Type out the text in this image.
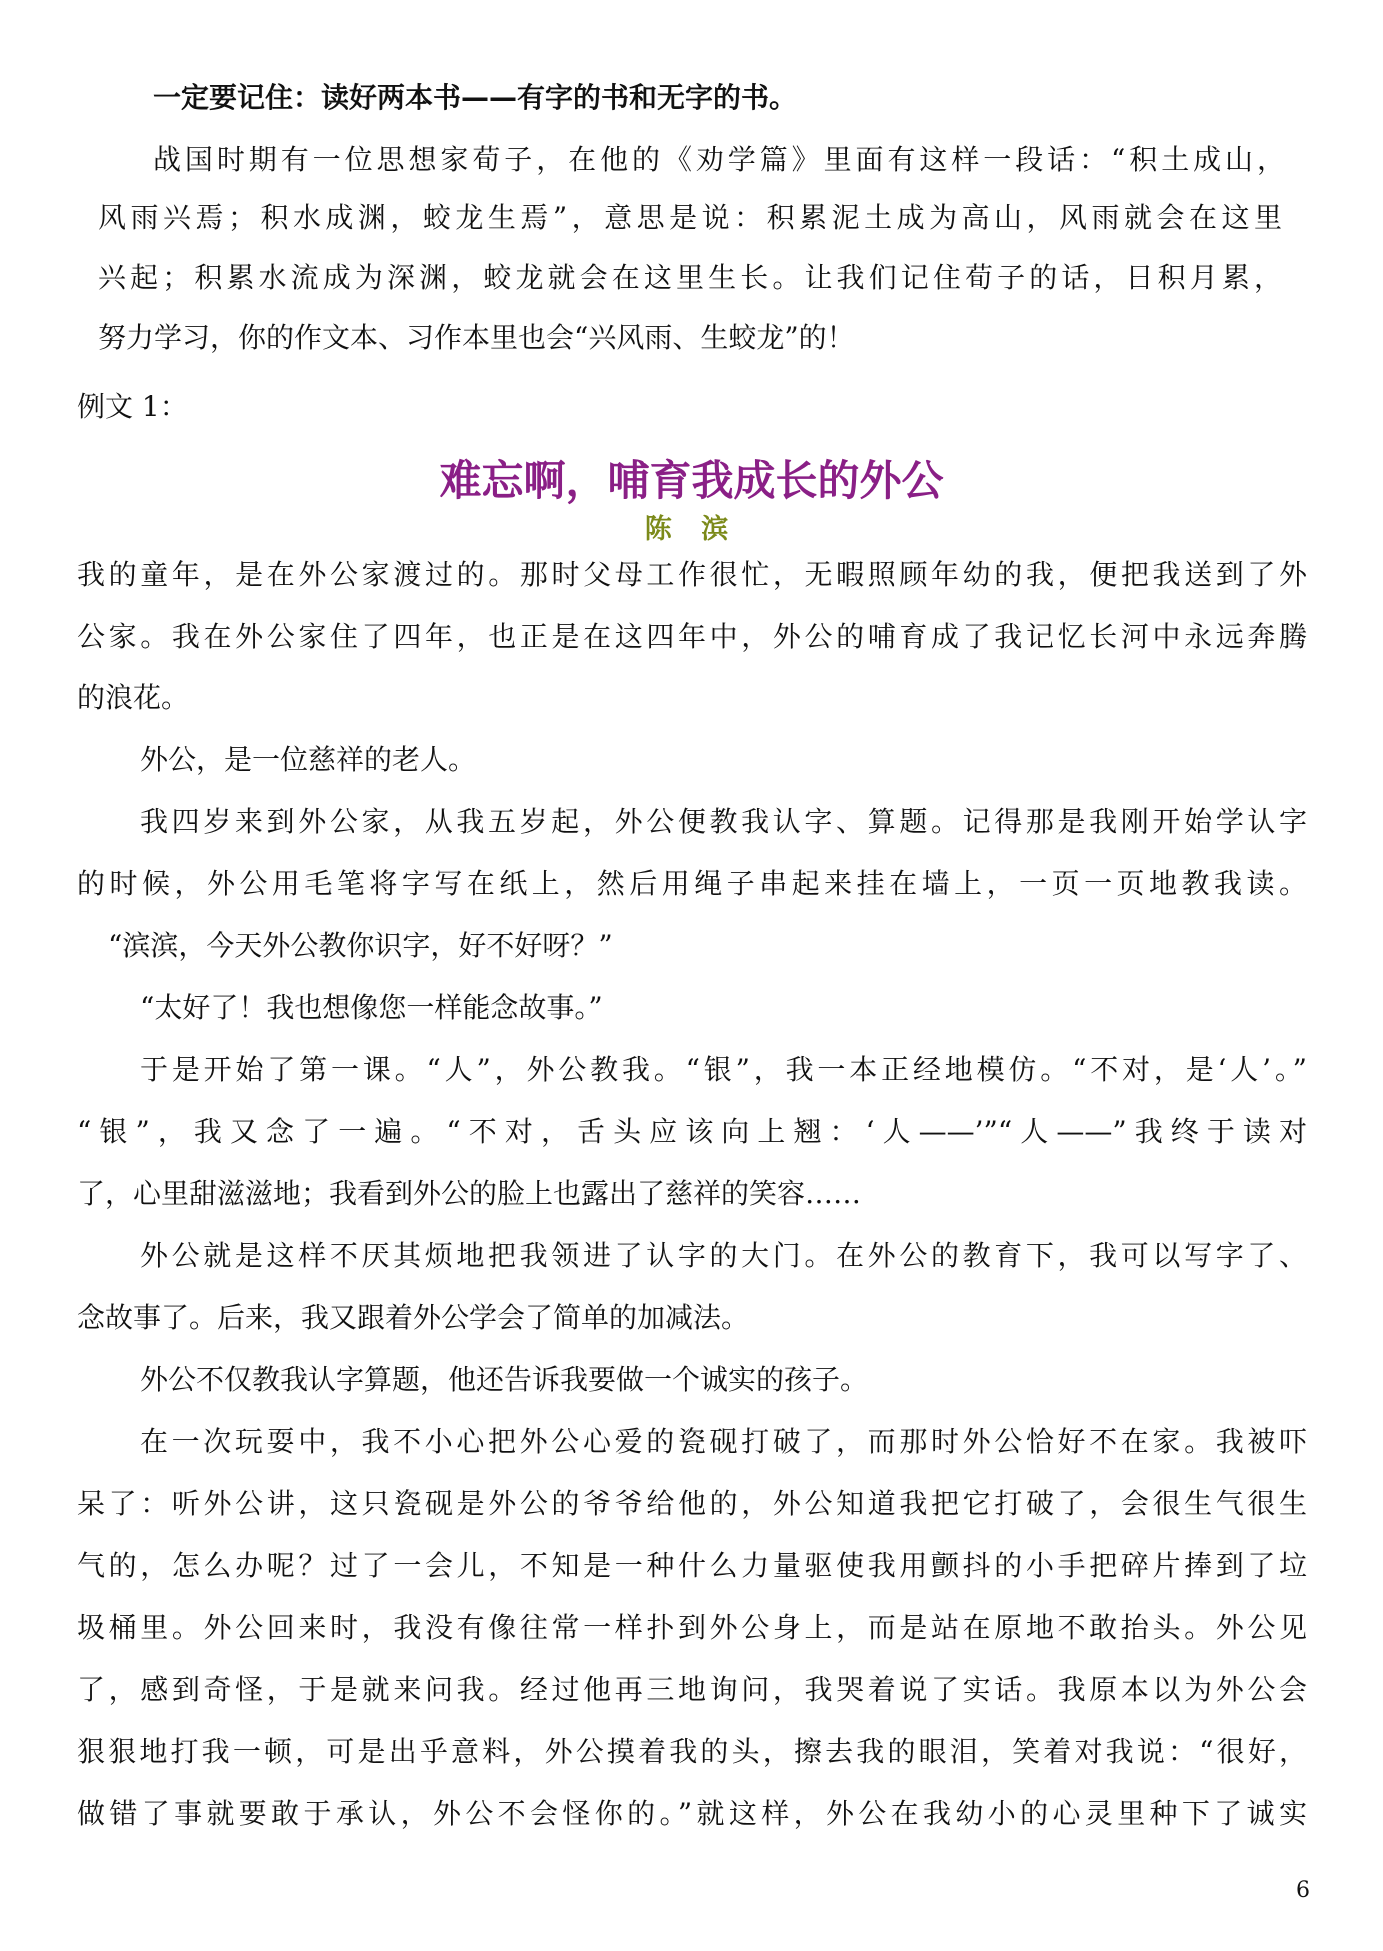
一定要记住：读好两本书——有字的书和无字的书。
战国时期有一位思想家荀子，在他的《劝学篇》里面有这样一段话：“积土成山，
风雨兴焉；积水成渊，蛟龙生焉”，意思是说：积累泥土成为高山，风雨就会在这里
兴起；积累水流成为深渊，蛟龙就会在这里生长。让我们记住荀子的话，日积月累，
努力学习，你的作文本、习作本里也会“兴风雨、生蛟龙”的！
例文 1：
难忘啊，哺育我成长的外公
陈 滨
我的童年，是在外公家渡过的。那时父母工作很忙，无暇照顾年幼的我，便把我送到了外
公家。我在外公家住了四年，也正是在这四年中，外公的哺育成了我记忆长河中永远奔腾
的浪花。
外公，是一位慈祥的老人。
我四岁来到外公家，从我五岁起，外公便教我认字、算题。记得那是我刚开始学认字
的时候，外公用毛笔将字写在纸上，然后用绳子串起来挂在墙上，一页一页地教我读。
“滨滨，今天外公教你识字，好不好呀？”
“太好了！我也想像您一样能念故事。”
于是开始了第一课。“人”，外公教我。“银”，我一本正经地模仿。“不对，是‘人’。”
“银”，我又念了一遍。“不对，舌头应该向上翘：‘人——’”“人——”我终于读对
了，心里甜滋滋地；我看到外公的脸上也露出了慈祥的笑容……
外公就是这样不厌其烦地把我领进了认字的大门。在外公的教育下，我可以写字了、
念故事了。后来，我又跟着外公学会了简单的加减法。
外公不仅教我认字算题，他还告诉我要做一个诚实的孩子。
在一次玩耍中，我不小心把外公心爱的瓷砚打破了，而那时外公恰好不在家。我被吓
呆了：听外公讲，这只瓷砚是外公的爷爷给他的，外公知道我把它打破了，会很生气很生
气的，怎么办呢？过了一会儿，不知是一种什么力量驱使我用颤抖的小手把碎片捧到了垃
圾桶里。外公回来时，我没有像往常一样扑到外公身上，而是站在原地不敢抬头。外公见
了，感到奇怪，于是就来问我。经过他再三地询问，我哭着说了实话。我原本以为外公会
狠狠地打我一顿，可是出乎意料，外公摸着我的头，擦去我的眼泪，笑着对我说：“很好，
做错了事就要敢于承认，外公不会怪你的。”就这样，外公在我幼小的心灵里种下了诚实
6
